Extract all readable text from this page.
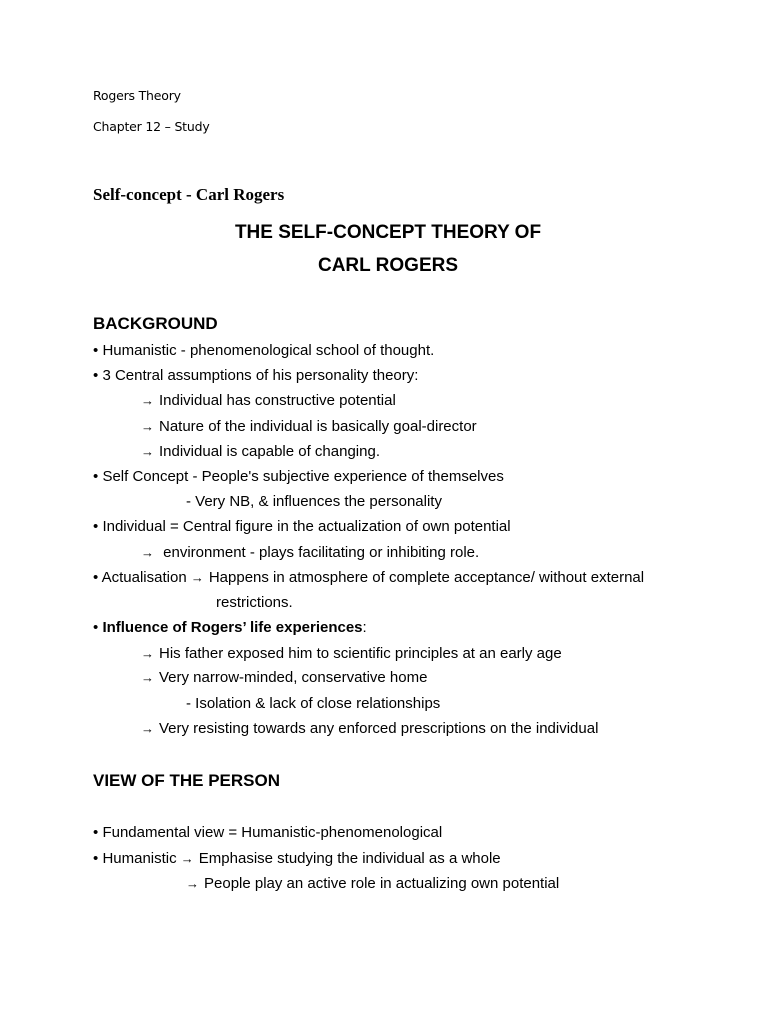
Rogers Theory
Chapter 12 – Study
Self-concept - Carl Rogers
THE SELF-CONCEPT THEORY OF
CARL ROGERS
BACKGROUND
• Humanistic - phenomenological school of thought.
• 3 Central assumptions of his personality theory:
→ Individual has constructive potential
→ Nature of the individual is basically goal-director
→ Individual is capable of changing.
• Self Concept - People's subjective experience of themselves
- Very NB, & influences the personality
• Individual = Central figure in the actualization of own potential
→ environment - plays facilitating or inhibiting role.
• Actualisation → Happens in atmosphere of complete acceptance/ without external
restrictions.
• Influence of Rogers’ life experiences:
→ His father exposed him to scientific principles at an early age
→ Very narrow-minded, conservative home
- Isolation & lack of close relationships
→ Very resisting towards any enforced prescriptions on the individual
VIEW OF THE PERSON
• Fundamental view = Humanistic-phenomenological
• Humanistic → Emphasise studying the individual as a whole
→ People play an active role in actualizing own potential
